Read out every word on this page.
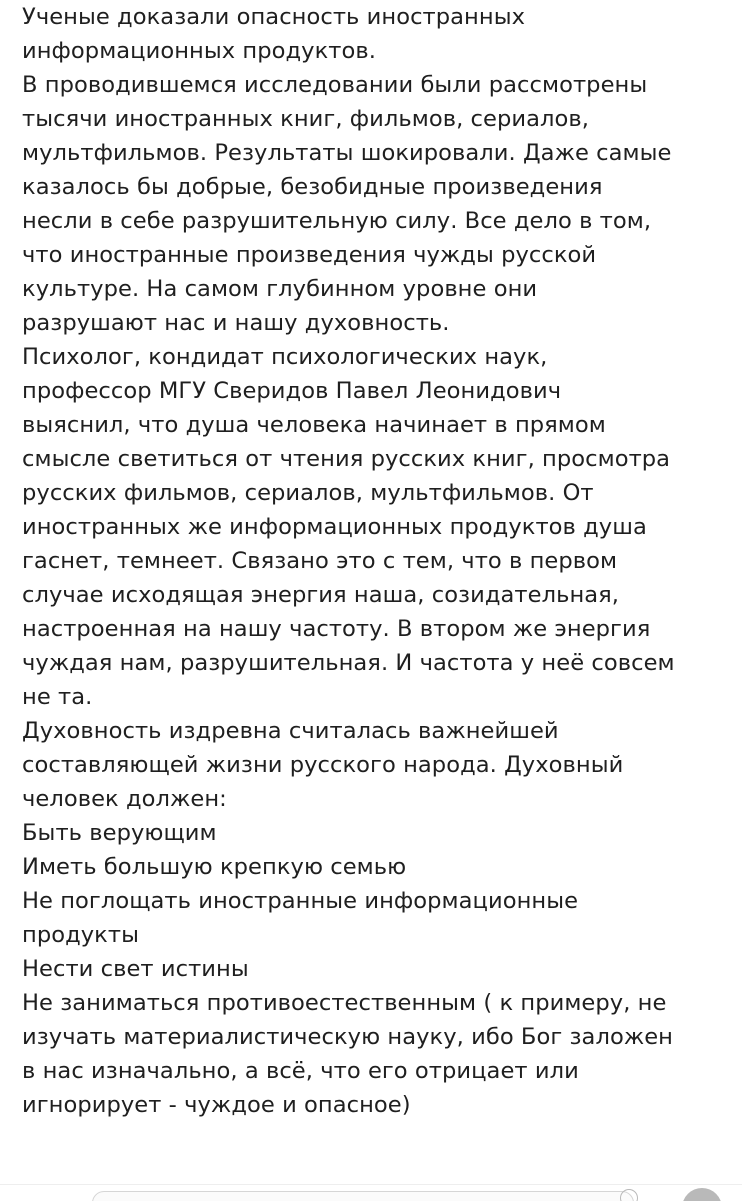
Ученые доказали опасность иностранных
информационных продуктов.
В проводившемся исследовании были рассмотрены
тысячи иностранных книг, фильмов, сериалов,
мультфильмов. Результаты шокировали. Даже самые
казалось бы добрые, безобидные произведения
несли в себе разрушительную силу. Все дело в том,
что иностранные произведения чужды русской
культуре. На самом глубинном уровне они
разрушают нас и нашу духовность.
Психолог, кондидат психологических наук,
профессор МГУ Сверидов Павел Леонидович
выяснил, что душа человека начинает в прямом
смысле светиться от чтения русских книг, просмотра
русских фильмов, сериалов, мультфильмов. От
иностранных же информационных продуктов душа
гаснет, темнеет. Связано это с тем, что в первом
случае исходящая энергия наша, созидательная,
настроенная на нашу частоту. В втором же энергия
чуждая нам, разрушительная. И частота у неё совсем
не та.
Духовность издревна считалась важнейшей
составляющей жизни русского народа. Духовный
человек должен:
Быть верующим
Иметь большую крепкую семью
Не поглощать иностранные информационные
продукты
Нести свет истины
Не заниматься противоестественным ( к примеру, не
изучать материалистическую науку, ибо Бог заложен
в нас изначально, а всё, что его отрицает или
игнорирует - чуждое и опасное)
